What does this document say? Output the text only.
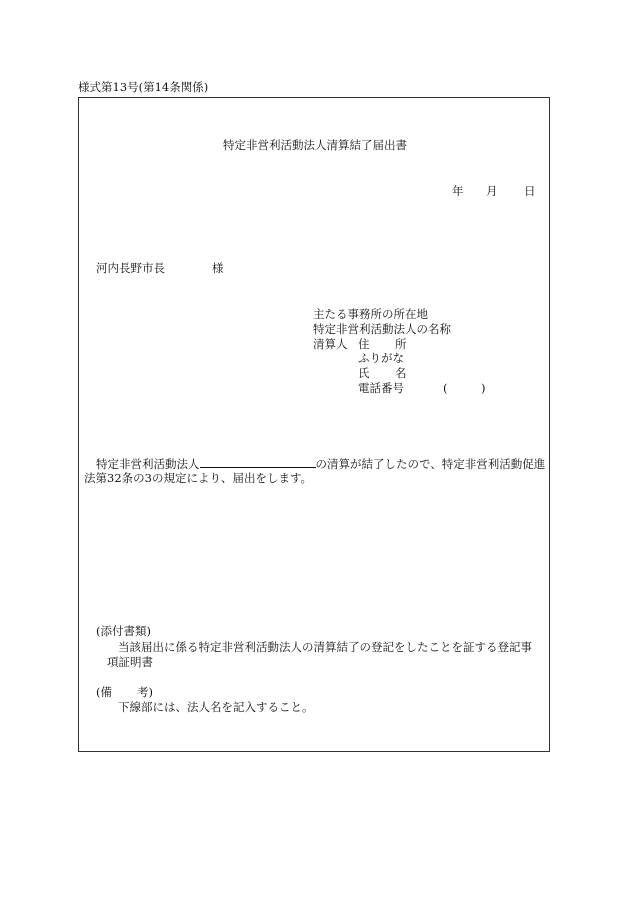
様式第13号(第14条関係)
特定非営利活動法人清算結了届出書
年 月 日
河内長野市長	様
主たる事務所の所在地
特定非営利活動法人の名称
清算人 住 所
ふりがな
氏 名
電話番号	(	)
特定非営利活動法人	の清算が結了したので、特定非営利活動促進
法第32条の3の規定により、届出をします。
(添付書類)
当該届出に係る特定非営利活動法人の清算結了の登記をしたことを証する登記事
項証明書
(備 考)
下線部には、法人名を記入すること。
